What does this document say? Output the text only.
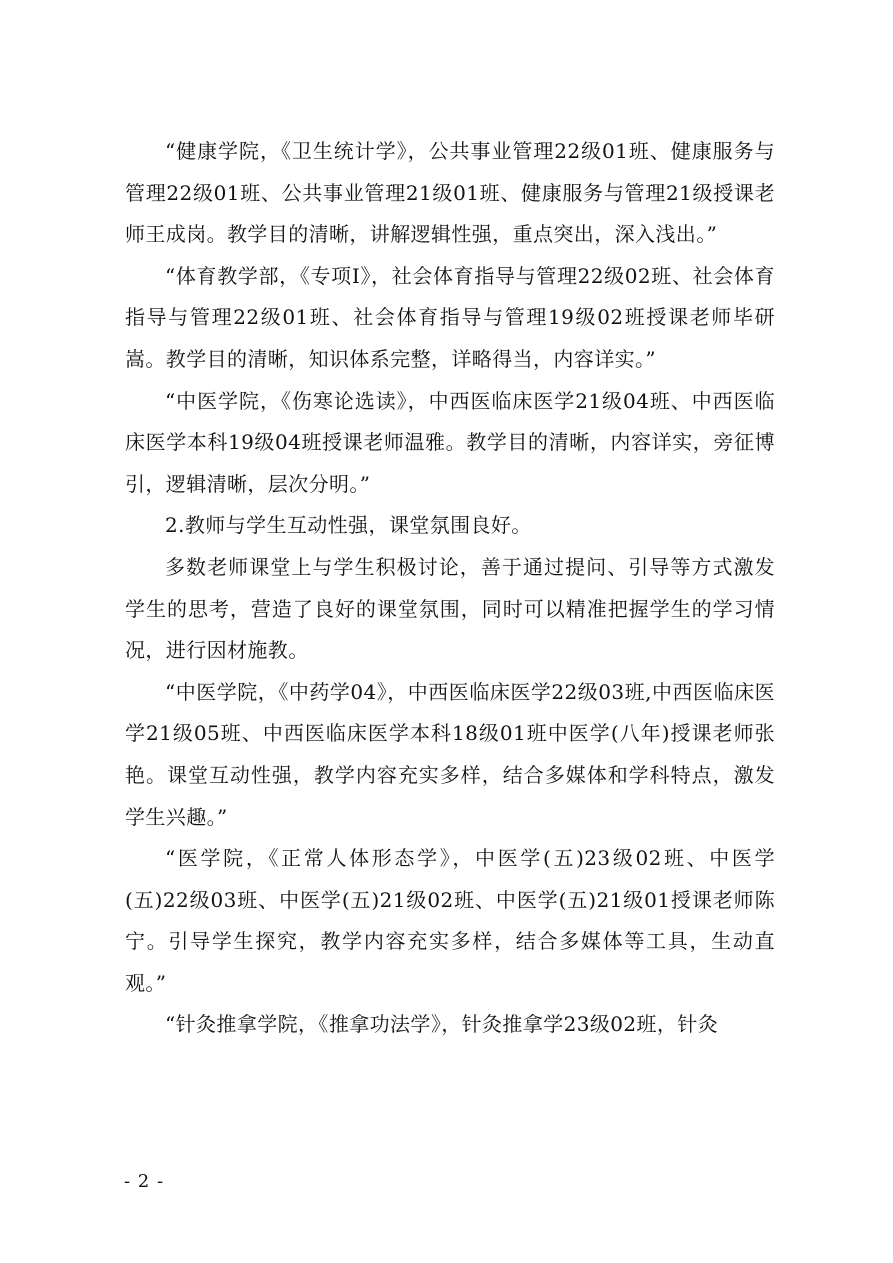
“健康学院，《卫生统计学》，公共事业管理22级01班、健康服务与管理22级01班、公共事业管理21级01班、健康服务与管理21级授课老师王成岗。教学目的清晰，讲解逻辑性强，重点突出，深入浅出。”

“体育教学部，《专项Ⅰ》，社会体育指导与管理22级02班、社会体育指导与管理22级01班、社会体育指导与管理19级02班授课老师毕研嵩。教学目的清晰，知识体系完整，详略得当，内容详实。”

“中医学院，《伤寒论选读》，中西医临床医学21级04班、中西医临床医学本科19级04班授课老师温雅。教学目的清晰，内容详实，旁征博引，逻辑清晰，层次分明。”

2.教师与学生互动性强，课堂氛围良好。

多数老师课堂上与学生积极讨论，善于通过提问、引导等方式激发学生的思考，营造了良好的课堂氛围，同时可以精准把握学生的学习情况，进行因材施教。

“中医学院，《中药学04》，中西医临床医学22级03班,中西医临床医学21级05班、中西医临床医学本科18级01班中医学(八年)授课老师张艳。课堂互动性强，教学内容充实多样，结合多媒体和学科特点，激发学生兴趣。”

“医学院，《正常人体形态学》，中医学(五)23级02班、中医学(五)22级03班、中医学(五)21级02班、中医学(五)21级01授课老师陈宁。引导学生探究，教学内容充实多样，结合多媒体等工具，生动直观。”

“针灸推拿学院，《推拿功法学》，针灸推拿学23级02班，针灸

- 2 -
